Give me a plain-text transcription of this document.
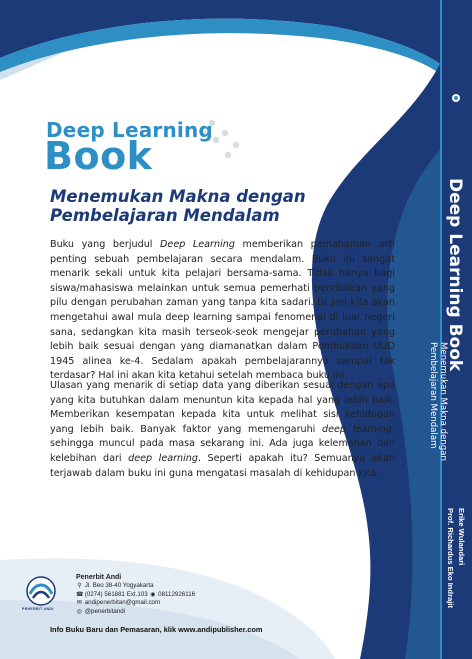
Deep Learning
Book
Menemukan Makna dengan
Pembelajaran Mendalam
Buku yang berjudul Deep Learning memberikan pemahaman arti penting sebuah pembelajaran secara mendalam. Buku ini sangat menarik sekali untuk kita pelajari bersama-sama. Tidak hanya bagi siswa/mahasiswa melainkan untuk semua pemerhati pendidikan yang pilu dengan perubahan zaman yang tanpa kita sadari. Di sini kita akan mengetahui awal mula deep learning sampai fenomenal di luar negeri sana, sedangkan kita masih terseok-seok mengejar perubahan yang lebih baik sesuai dengan yang diamanatkan dalam Pembukaan UUD 1945 alinea ke-4. Sedalam apakah pembelajarannya sampai tak terdasar? Hal ini akan kita ketahui setelah membaca buku ini.
Ulasan yang menarik di setiap data yang diberikan sesuai dengan apa yang kita butuhkan dalam menuntun kita kepada hal yang lebih baik. Memberikan kesempatan kepada kita untuk melihat sisi kehidupan yang lebih baik. Banyak faktor yang memengaruhi deep learning, sehingga muncul pada masa sekarang ini. Ada juga kelemahan dan kelebihan dari deep learning. Seperti apakah itu? Semuanya akan terjawab dalam buku ini guna mengatasi masalah di kehidupan kita.
PENERBIT ANDI
Penerbit Andi
⚲ Jl. Beo 38-40 Yogyakarta
☎ (0274) 561881 Ext.103 ◉ 08112926116
✉ andipenerbitan@gmail.com
◎ @penerbitandi
Info Buku Baru dan Pemasaran, klik www.andipublisher.com
Deep Learning Book
Menemukan Makna dengan
Pembelajaran Mendalam
Erike Wulandari
Prof. Richardus Eko Indrajit
